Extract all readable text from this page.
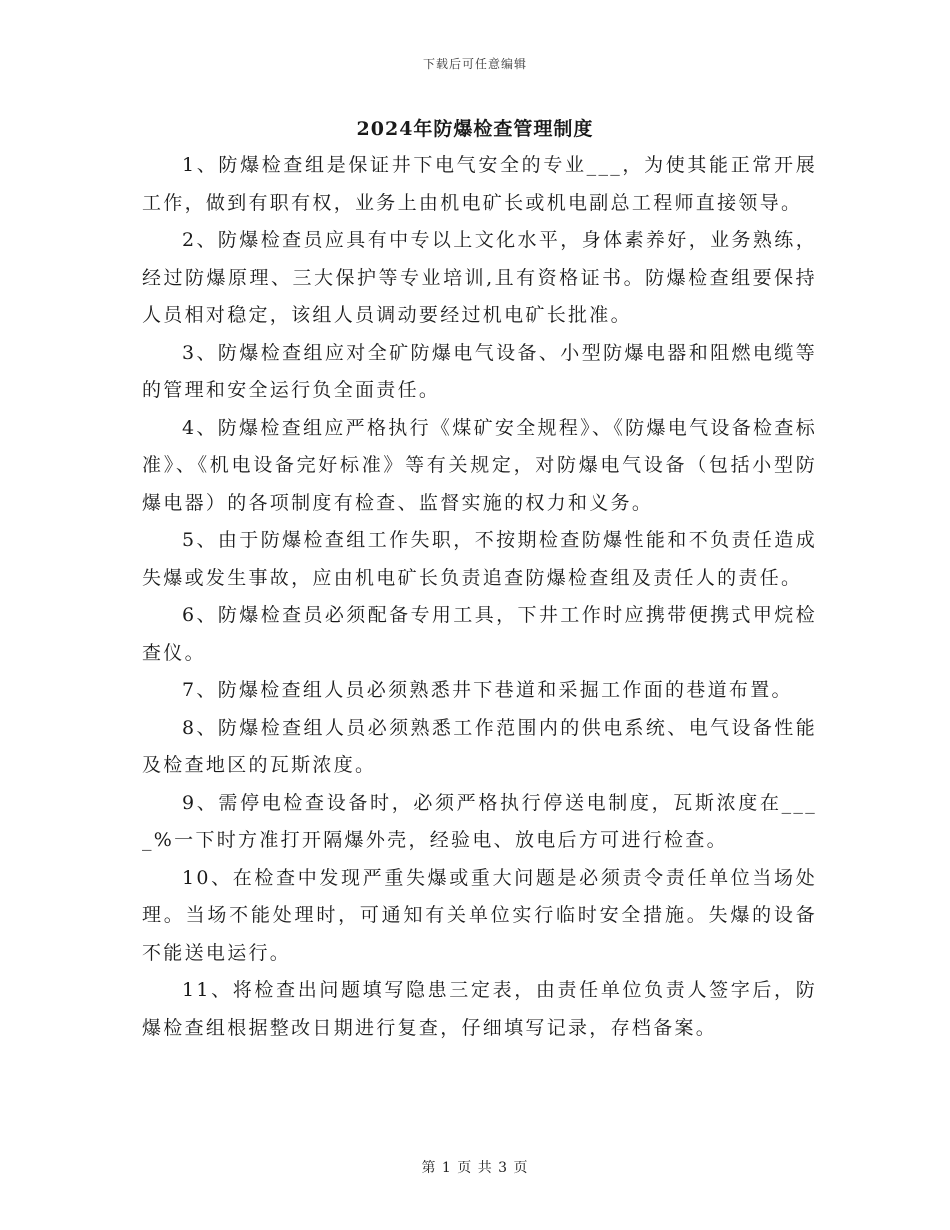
下载后可任意编辑
2024年防爆检查管理制度

1、防爆检查组是保证井下电气安全的专业___，为使其能正常开展工作，做到有职有权，业务上由机电矿长或机电副总工程师直接领导。

2、防爆检查员应具有中专以上文化水平，身体素养好，业务熟练，经过防爆原理、三大保护等专业培训,且有资格证书。防爆检查组要保持人员相对稳定，该组人员调动要经过机电矿长批准。

3、防爆检查组应对全矿防爆电气设备、小型防爆电器和阻燃电缆等的管理和安全运行负全面责任。

4、防爆检查组应严格执行《煤矿安全规程》、《防爆电气设备检查标准》、《机电设备完好标准》等有关规定，对防爆电气设备（包括小型防爆电器）的各项制度有检查、监督实施的权力和义务。

5、由于防爆检查组工作失职，不按期检查防爆性能和不负责任造成失爆或发生事故，应由机电矿长负责追查防爆检查组及责任人的责任。

6、防爆检查员必须配备专用工具，下井工作时应携带便携式甲烷检查仪。

7、防爆检查组人员必须熟悉井下巷道和采掘工作面的巷道布置。

8、防爆检查组人员必须熟悉工作范围内的供电系统、电气设备性能及检查地区的瓦斯浓度。

9、需停电检查设备时，必须严格执行停送电制度，瓦斯浓度在____%一下时方准打开隔爆外壳，经验电、放电后方可进行检查。

10、在检查中发现严重失爆或重大问题是必须责令责任单位当场处理。当场不能处理时，可通知有关单位实行临时安全措施。失爆的设备不能送电运行。

11、将检查出问题填写隐患三定表，由责任单位负责人签字后，防爆检查组根据整改日期进行复查，仔细填写记录，存档备案。

第 1 页 共 3 页
